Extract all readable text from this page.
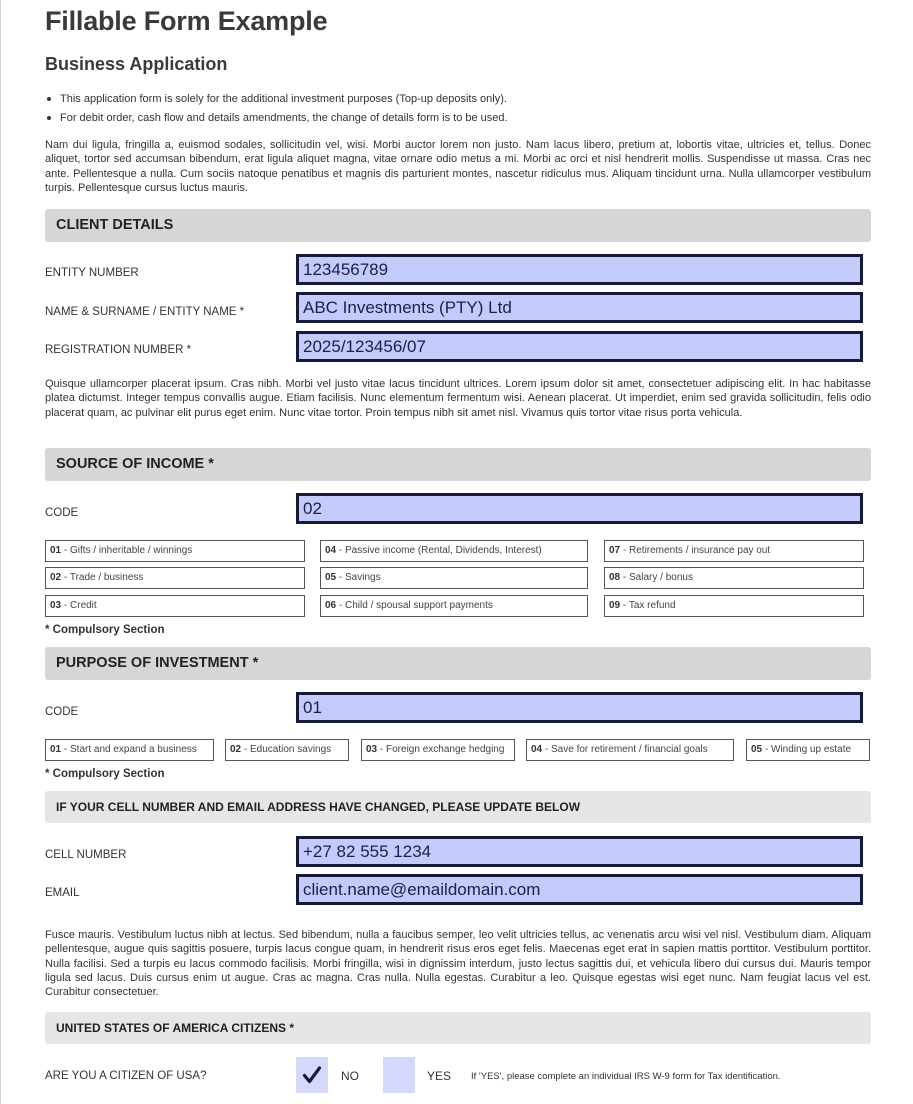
Fillable Form Example
Business Application
This application form is solely for the additional investment purposes (Top-up deposits only).
For debit order, cash flow and details amendments, the change of details form is to be used.

Nam dui ligula, fringilla a, euismod sodales, sollicitudin vel, wisi. Morbi auctor lorem non justo. Nam lacus libero, pretium at, lobortis vitae, ultricies et, tellus. Donec aliquet, tortor sed accumsan bibendum, erat ligula aliquet magna, vitae ornare odio metus a mi. Morbi ac orci et nisl hendrerit mollis. Suspendisse ut massa. Cras nec ante. Pellentesque a nulla. Cum sociis natoque penatibus et magnis dis parturient montes, nascetur ridiculus mus. Aliquam tincidunt urna. Nulla ullamcorper vestibulum turpis. Pellentesque cursus luctus mauris.

CLIENT DETAILS
ENTITY NUMBER
123456789
NAME & SURNAME / ENTITY NAME *
ABC Investments (PTY) Ltd
REGISTRATION NUMBER *
2025/123456/07

Quisque ullamcorper placerat ipsum. Cras nibh. Morbi vel justo vitae lacus tincidunt ultrices. Lorem ipsum dolor sit amet, consectetuer adipiscing elit. In hac habitasse platea dictumst. Integer tempus convallis augue. Etiam facilisis. Nunc elementum fermentum wisi. Aenean placerat. Ut imperdiet, enim sed gravida sollicitudin, felis odio placerat quam, ac pulvinar elit purus eget enim. Nunc vitae tortor. Proin tempus nibh sit amet nisl. Vivamus quis tortor vitae risus porta vehicula.

SOURCE OF INCOME *
CODE
02
01 - Gifts / inheritable / winnings	04 - Passive income (Rental, Dividends, Interest)	07 - Retirements / insurance pay out
02 - Trade / business	05 - Savings	08 - Salary / bonus
03 - Credit	06 - Child / spousal support payments	09 - Tax refund
* Compulsory Section
PURPOSE OF INVESTMENT *
CODE
01
01 - Start and expand a business	02 - Education savings	03 - Foreign exchange hedging	04 - Save for retirement / financial goals	05 - Winding up estate
* Compulsory Section
IF YOUR CELL NUMBER AND EMAIL ADDRESS HAVE CHANGED, PLEASE UPDATE BELOW
CELL NUMBER
+27 82 555 1234
EMAIL
client.name@emaildomain.com

Fusce mauris. Vestibulum luctus nibh at lectus. Sed bibendum, nulla a faucibus semper, leo velit ultricies tellus, ac venenatis arcu wisi vel nisl. Vestibulum diam. Aliquam pellentesque, augue quis sagittis posuere, turpis lacus congue quam, in hendrerit risus eros eget felis. Maecenas eget erat in sapien mattis porttitor. Vestibulum porttitor. Nulla facilisi. Sed a turpis eu lacus commodo facilisis. Morbi fringilla, wisi in dignissim interdum, justo lectus sagittis dui, et vehicula libero dui cursus dui. Mauris tempor ligula sed lacus. Duis cursus enim ut augue. Cras ac magna. Cras nulla. Nulla egestas. Curabitur a leo. Quisque egestas wisi eget nunc. Nam feugiat lacus vel est. Curabitur consectetuer.

UNITED STATES OF AMERICA CITIZENS *
ARE YOU A CITIZEN OF USA?	NO	YES If 'YES', please complete an individual IRS W-9 form for Tax identification.
